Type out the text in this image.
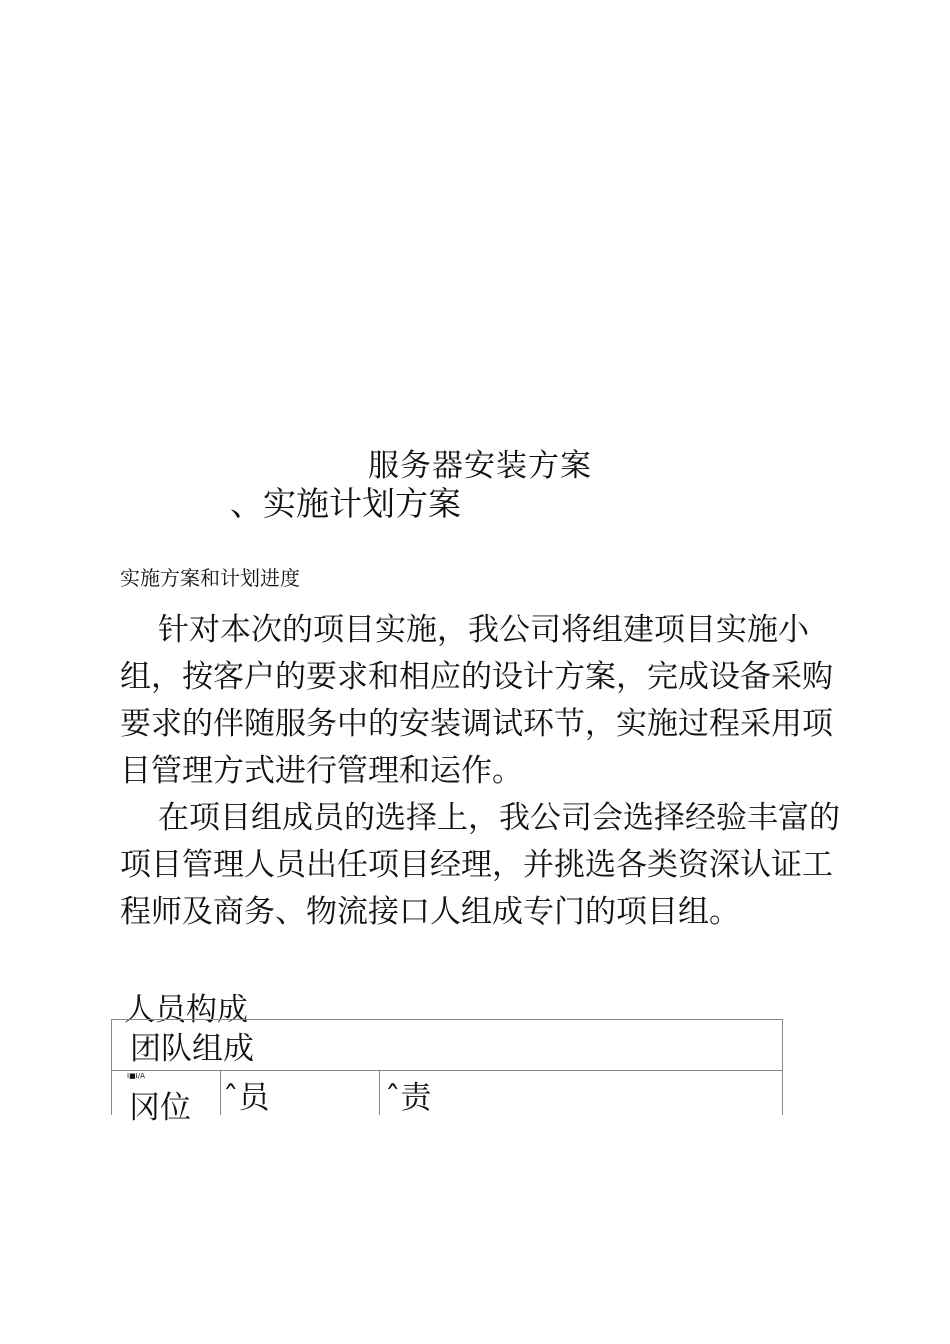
服务器安装方案
、实施计划方案
实施方案和计划进度

针对本次的项目实施，我公司将组建项目实施小组，按客户的要求和相应的设计方案，完成设备采购要求的伴随服务中的安装调试环节，实施过程采用项目管理方式进行管理和运作。

在项目组成员的选择上，我公司会选择经验丰富的项目管理人员出任项目经理，并挑选各类资深认证工程师及商务、物流接口人组成专门的项目组。

人员构成
团队组成
I■I/A
冈位 ˆ员	ˆ责
